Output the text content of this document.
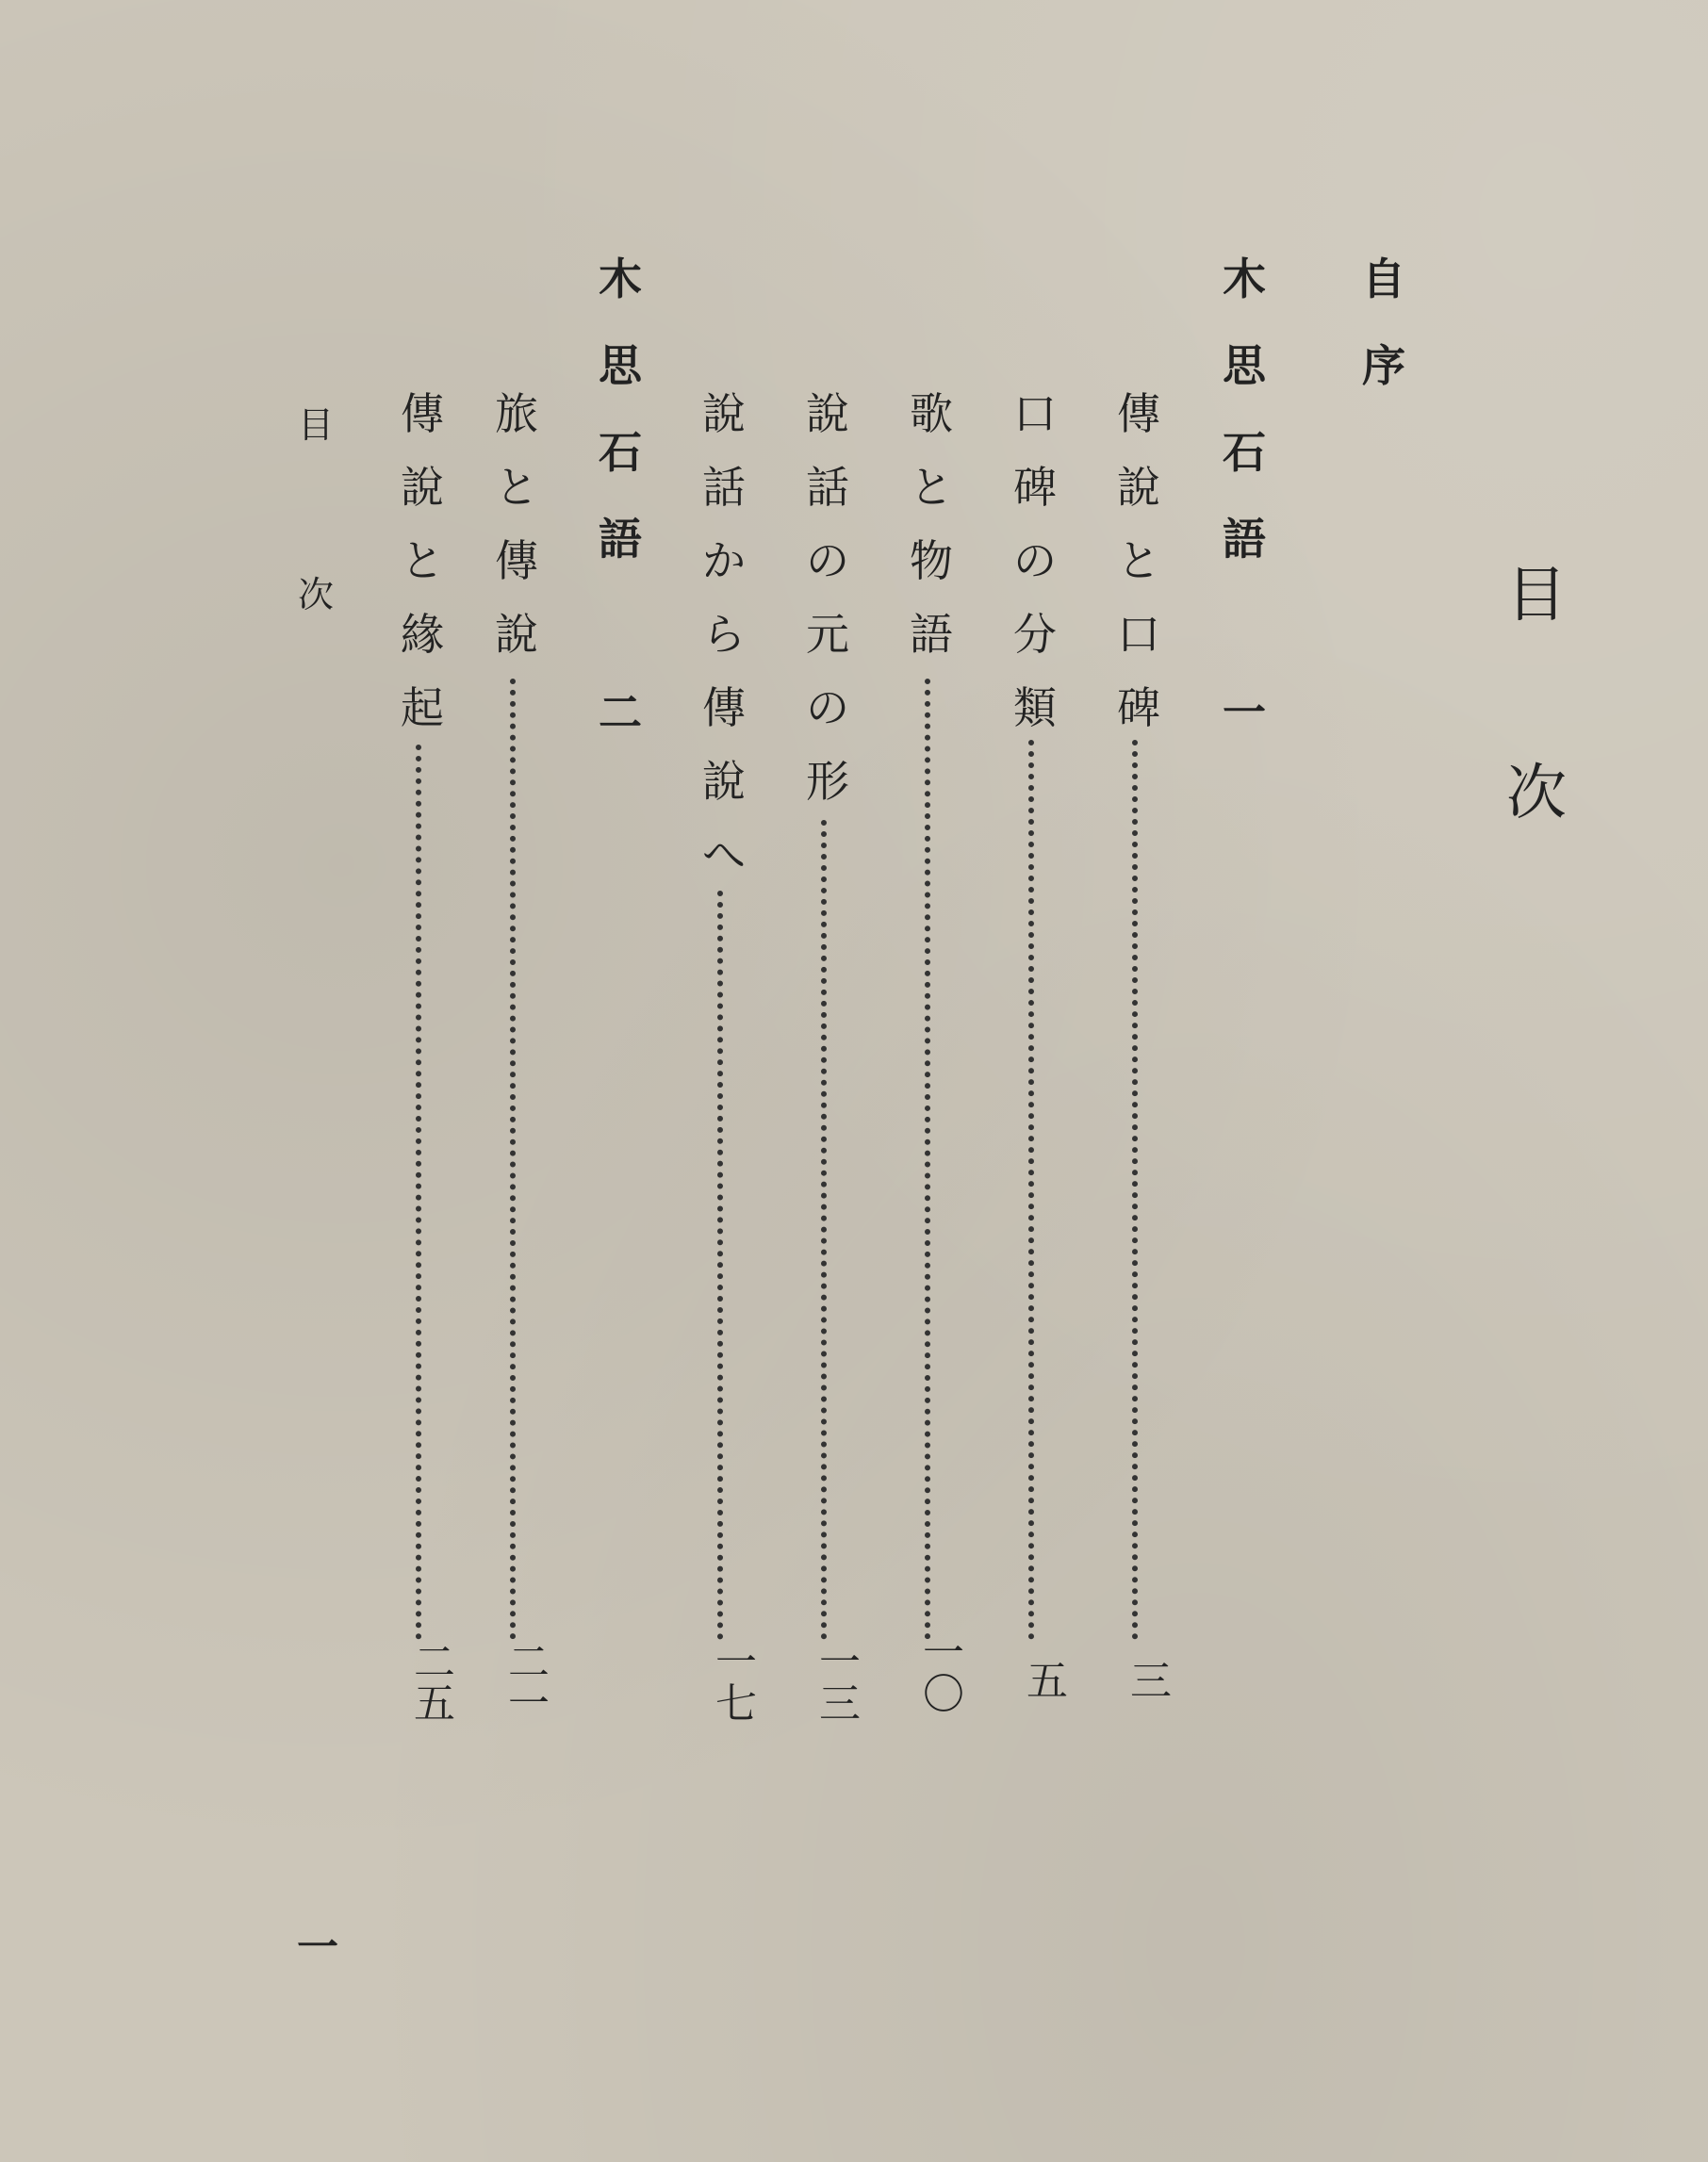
目
次
自
序
木
思
石
語

一
傳
說
と
口
碑
三
口
碑
の
分
類
五
歌
と
物
語
一〇
說
話
の
元
の
形
一三
說
話
か
ら
傳
說
へ
一七
木
思
石
語

二
旅
と
傳
說
二一
傳
說
と
緣
起
二五
目
次
一
